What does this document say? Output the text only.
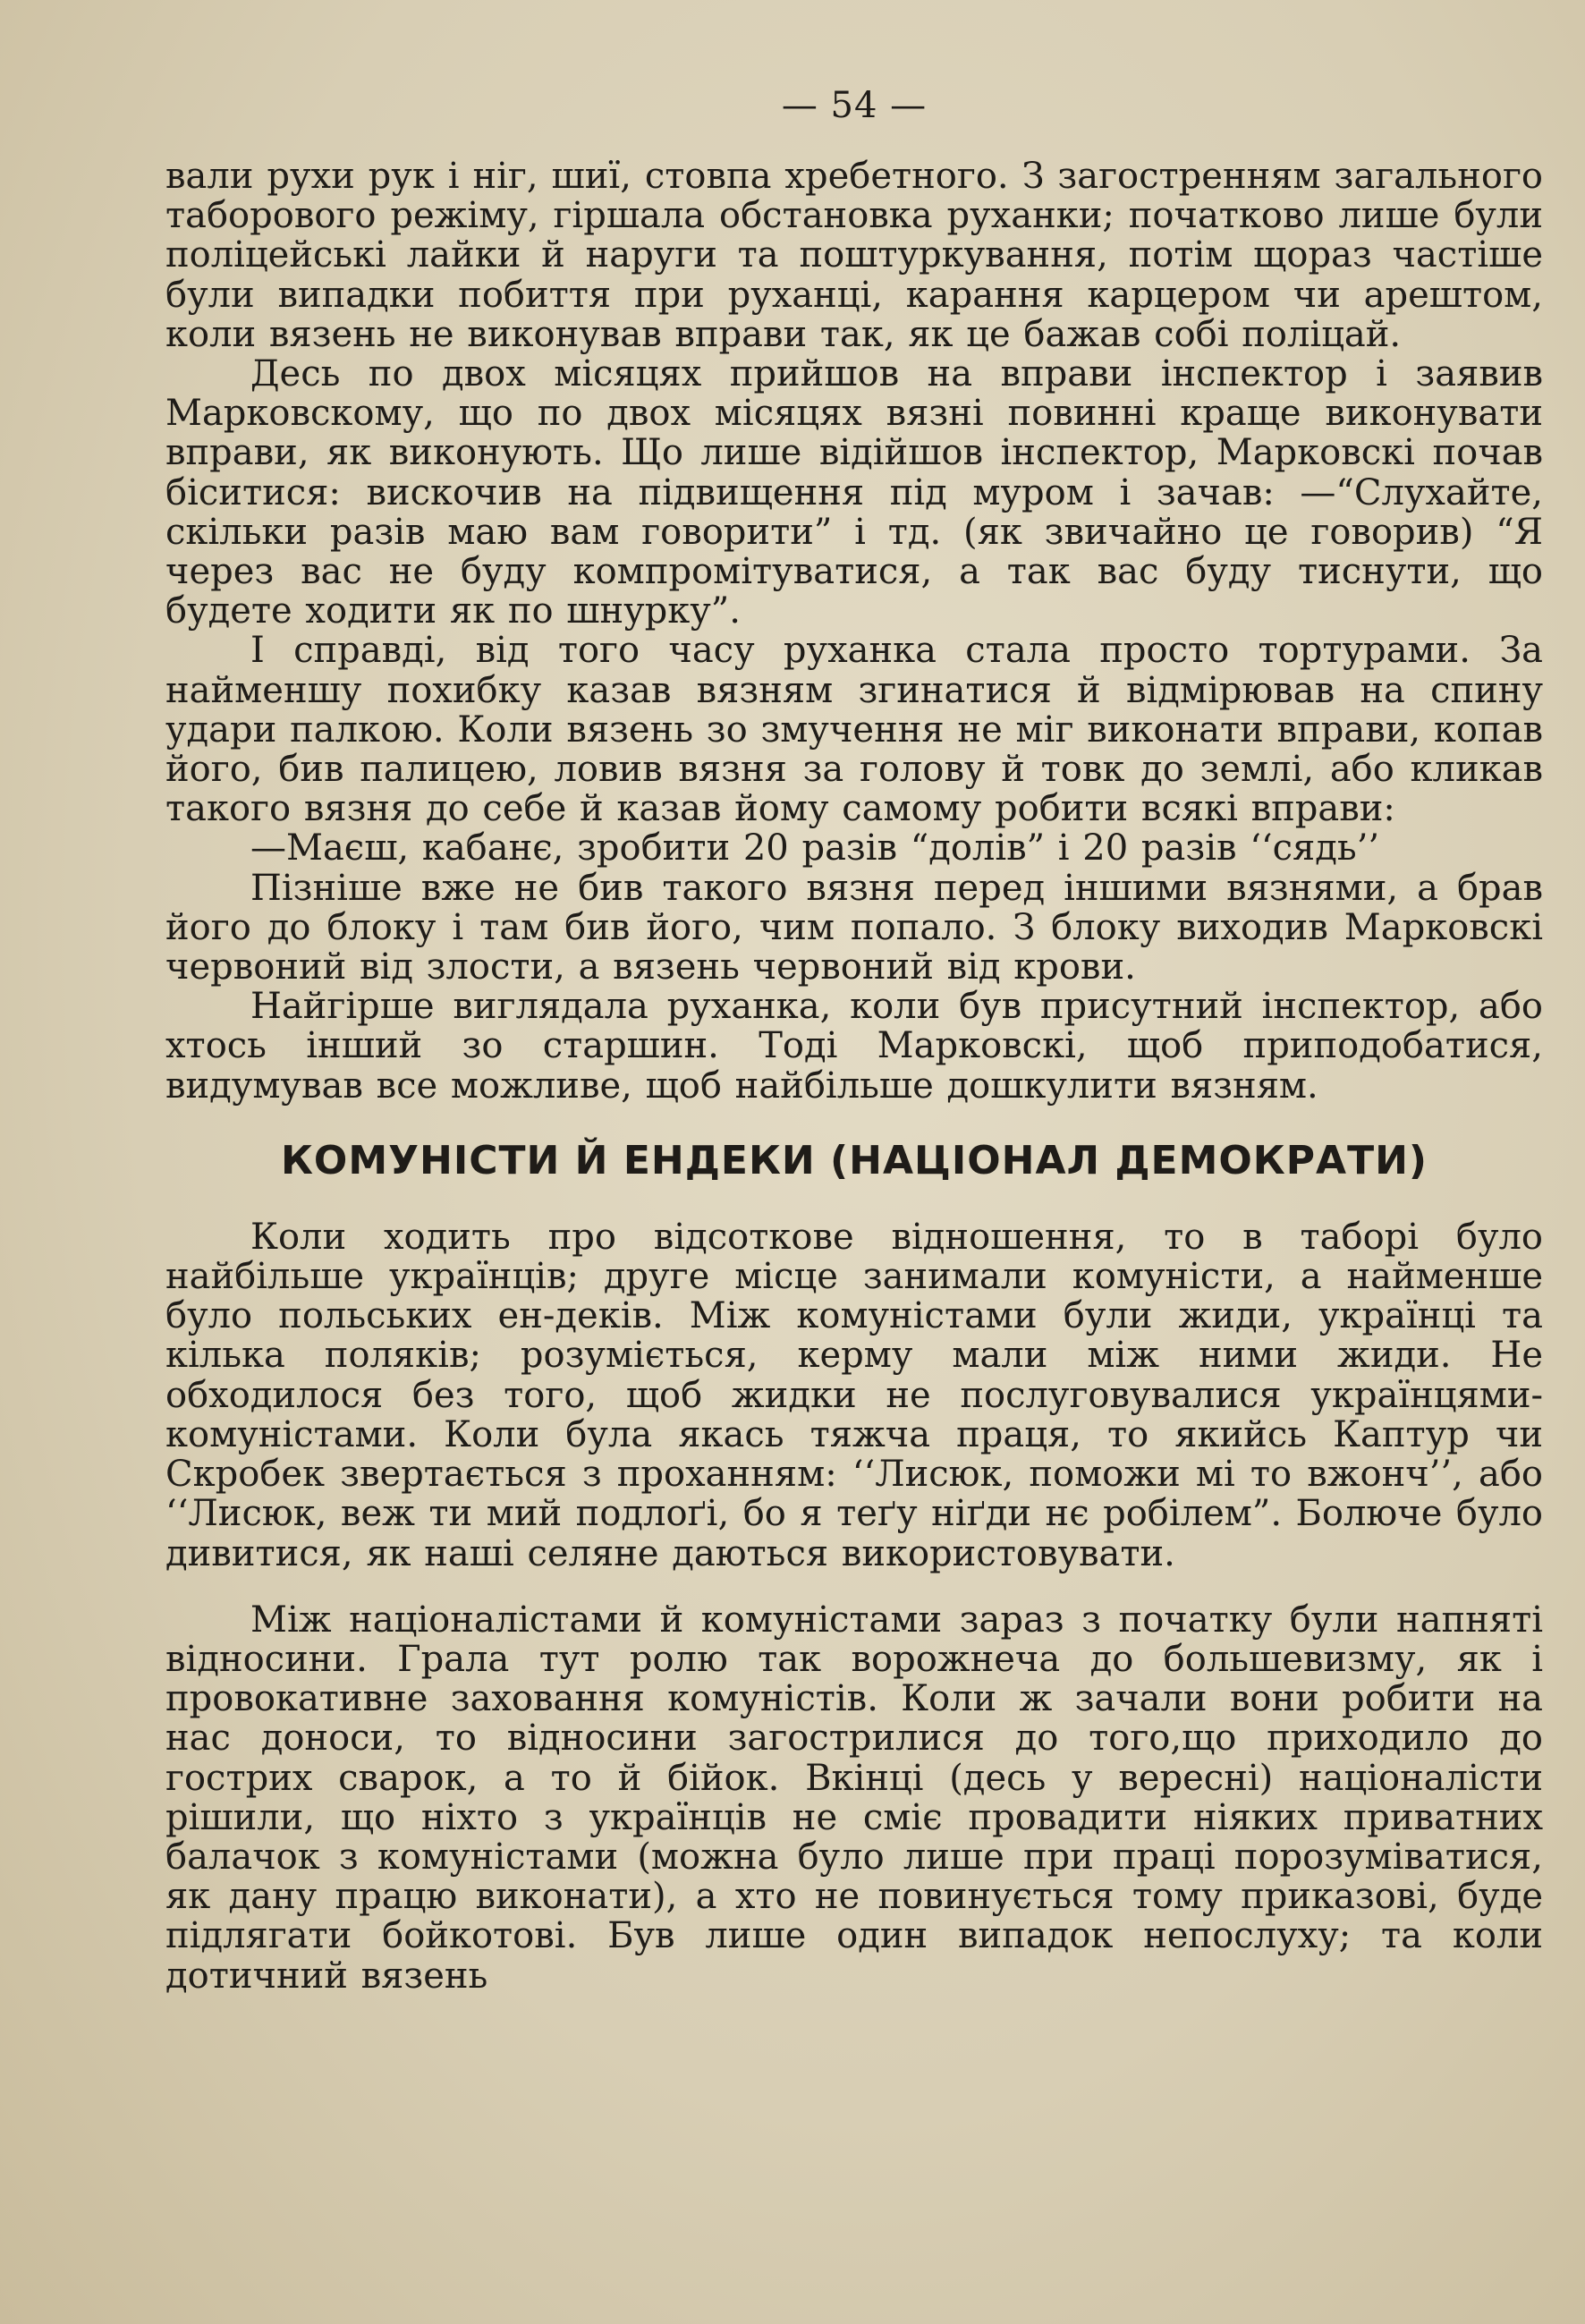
— 54 —

вали рухи рук і ніг, шиї, стовпа хребетного. З загостренням загального таборового режіму, гіршала обстановка руханки; початково лише були поліцейські лайки й наруги та поштуркування, потім щораз частіше були випадки побиття при руханці, карання карцером чи арештом, коли вязень не виконував вправи так, як це бажав собі поліцай.

Десь по двох місяцях прийшов на вправи інспектор і заявив Марковскому, що по двох місяцях вязні повинні краще виконувати вправи, як виконують. Що лише відійшов інспектор, Марковскі почав бiситися: вискочив на підвищення під муром і зачав: —“Слухайте, скільки разів маю вам говорити” і тд. (як звичайно це говорив) “Я через вас не буду компромітуватися, а так вас буду тиснути, що будете ходити як по шнурку”.

І справді, від того часу руханка стала просто тортурами. За найменшу похибку казав вязням згинатися й відмірював на спину удари палкою. Коли вязень зо змучення не міг виконати вправи, копав його, бив палицею, ловив вязня за голову й товк до землі, або кликав такого вязня до себе й казав йому самому робити всякі вправи:

—Маєш, кабанє, зробити 20 разів “долів” і 20 разів ‘‘сядь’’

Пізніше вже не бив такого вязня перед іншими вязнями, а брав його до блоку і там бив його, чим попало. З блоку виходив Марковскі червоний від злости, а вязень червоний від крови.

Найгірше виглядала руханка, коли був присутний інспектор, або хтось інший зо старшин. Тоді Марковскі, щоб приподобатися, видумував все можливе, щоб найбільше дошкулити вязням.

КОМУНІСТИ Й ЕНДЕКИ (НАЦІОНАЛ ДЕМОКРАТИ)

Коли ходить про відсоткове відношення, то в таборі було найбільше українців; друге місце занимали комуністи, а найменше було польських ен-деків. Між комуністами були жиди, українці та кілька поляків; розуміється, керму мали між ними жиди. Не обходилося без того, щоб жидки не послуговувалися українцями-комуністами. Коли була якась тяжча праця, то якийсь Каптур чи Скробек звертається з проханням: ‘‘Лисюк, поможи мі то вжонч’’, або ‘‘Лисюк, веж ти мий подлоґі, бо я теґу ніґди нє робілем”. Болюче було дивитися, як наші селяне даються використовувати.

Між націоналістами й комуністами зараз з початку були напняті відносини. Грала тут ролю так ворожнеча до большевизму, як і провокативне заховання комуністів. Коли ж зачали вони робити на нас доноси, то відносини загострилися до того,що приходило до гострих сварок, а то й бійок. Вкінці (десь у вересні) націоналісти рішили, що ніхто з українців не сміє провадити ніяких приватних балачок з комуністами (можна було лише при праці порозуміватися, як дану працю виконати), а хто не повинується тому приказові, буде підлягати бойкотові. Був лише один випадок непослуху; та коли дотичний вязень
